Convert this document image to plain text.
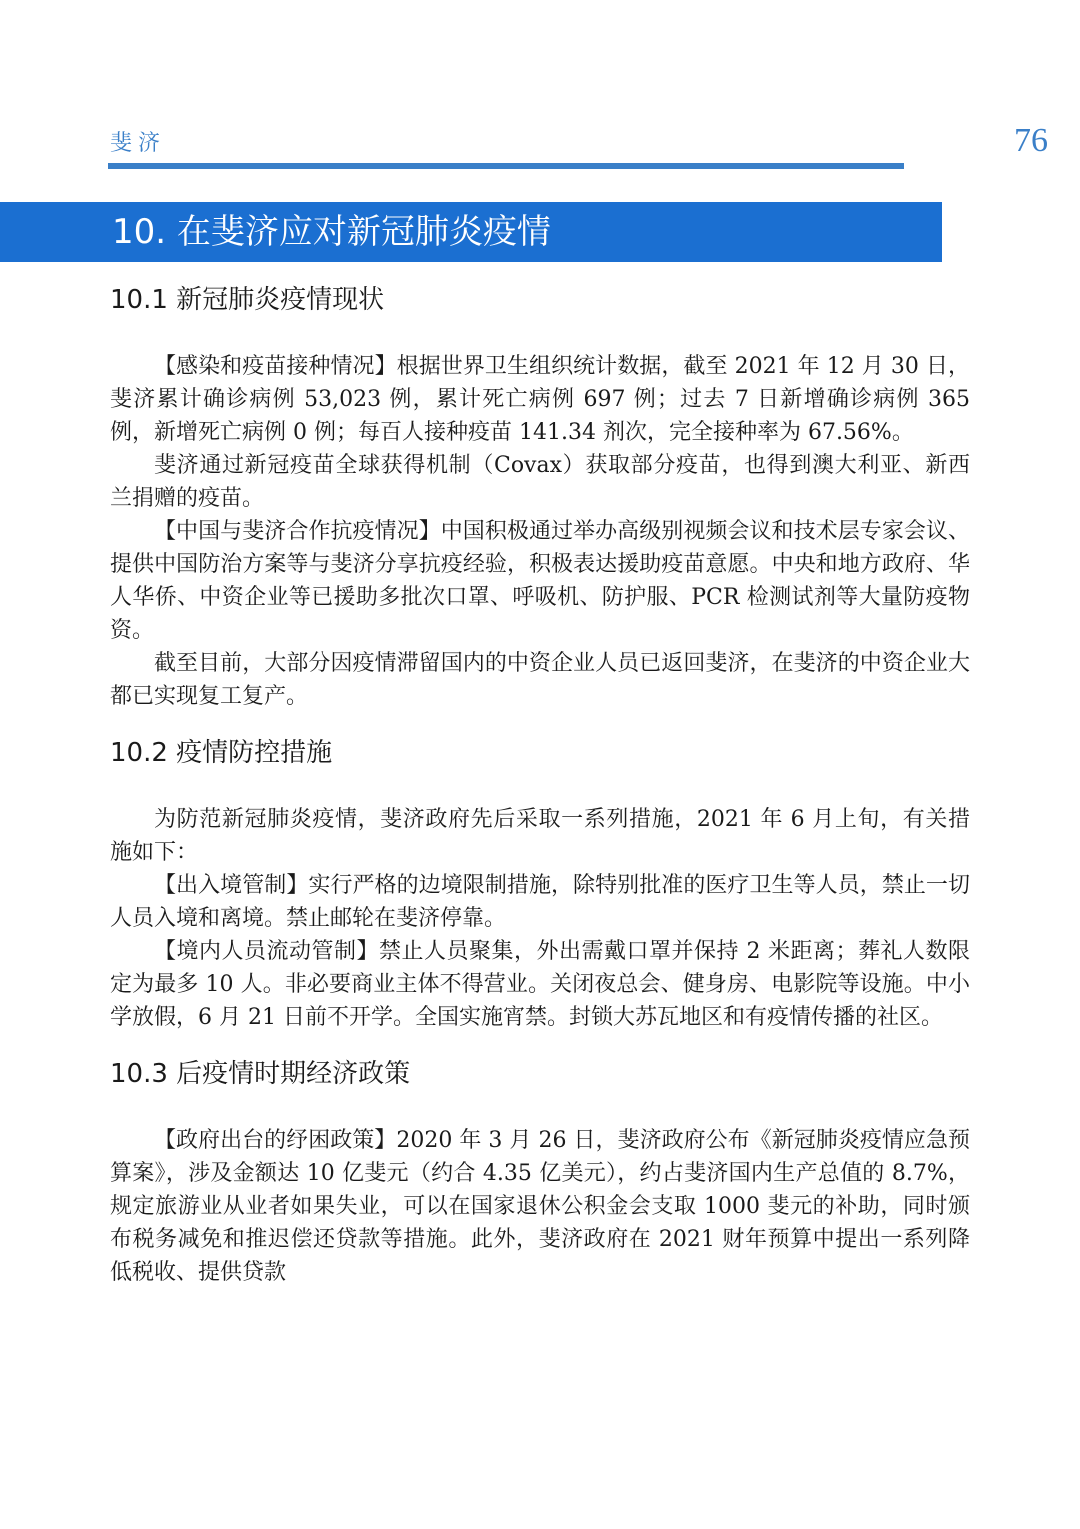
斐济	76
10. 在斐济应对新冠肺炎疫情
10.1 新冠肺炎疫情现状

【感染和疫苗接种情况】根据世界卫生组织统计数据，截至 2021 年 12 月 30 日，斐济累计确诊病例 53,023 例，累计死亡病例 697 例；过去 7 日新增确诊病例 365 例，新增死亡病例 0 例；每百人接种疫苗 141.34 剂次，完全接种率为 67.56%。

斐济通过新冠疫苗全球获得机制（Covax）获取部分疫苗，也得到澳大利亚、新西兰捐赠的疫苗。

【中国与斐济合作抗疫情况】中国积极通过举办高级别视频会议和技术层专家会议、提供中国防治方案等与斐济分享抗疫经验，积极表达援助疫苗意愿。中央和地方政府、华人华侨、中资企业等已援助多批次口罩、呼吸机、防护服、PCR 检测试剂等大量防疫物资。

截至目前，大部分因疫情滞留国内的中资企业人员已返回斐济，在斐济的中资企业大都已实现复工复产。

10.2 疫情防控措施

为防范新冠肺炎疫情，斐济政府先后采取一系列措施，2021 年 6 月上旬，有关措施如下：

【出入境管制】实行严格的边境限制措施，除特别批准的医疗卫生等人员，禁止一切人员入境和离境。禁止邮轮在斐济停靠。

【境内人员流动管制】禁止人员聚集，外出需戴口罩并保持 2 米距离；葬礼人数限定为最多 10 人。非必要商业主体不得营业。关闭夜总会、健身房、电影院等设施。中小学放假，6 月 21 日前不开学。全国实施宵禁。封锁大苏瓦地区和有疫情传播的社区。

10.3 后疫情时期经济政策

【政府出台的纾困政策】2020 年 3 月 26 日，斐济政府公布《新冠肺炎疫情应急预算案》，涉及金额达 10 亿斐元（约合 4.35 亿美元），约占斐济国内生产总值的 8.7%，规定旅游业从业者如果失业，可以在国家退休公积金会支取 1000 斐元的补助，同时颁布税务减免和推迟偿还贷款等措施。此外，斐济政府在 2021 财年预算中提出一系列降低税收、提供贷款
